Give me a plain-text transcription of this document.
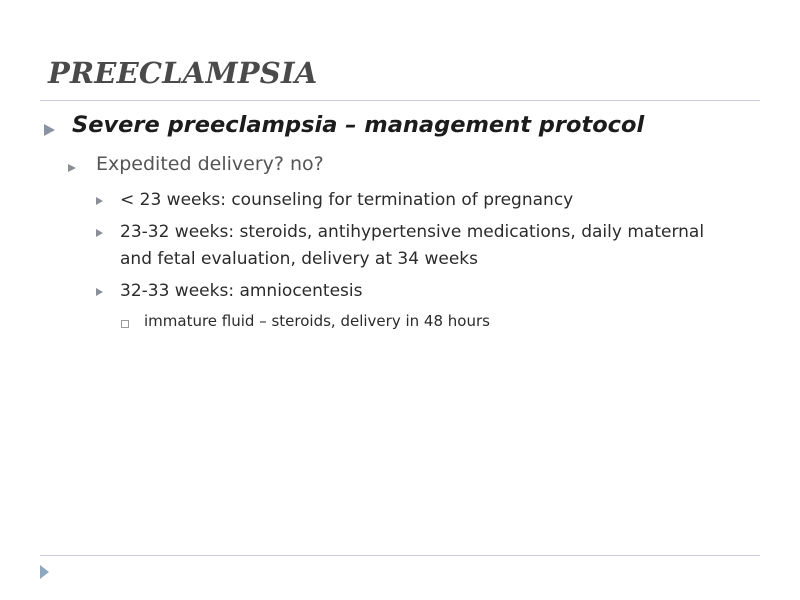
PREECLAMPSIA
Severe preeclampsia – management protocol
Expedited delivery? no?
< 23 weeks: counseling for termination of pregnancy
23-32 weeks: steroids, antihypertensive medications, daily maternal
and fetal evaluation, delivery at 34 weeks
32-33 weeks: amniocentesis
immature fluid – steroids, delivery in 48 hours
